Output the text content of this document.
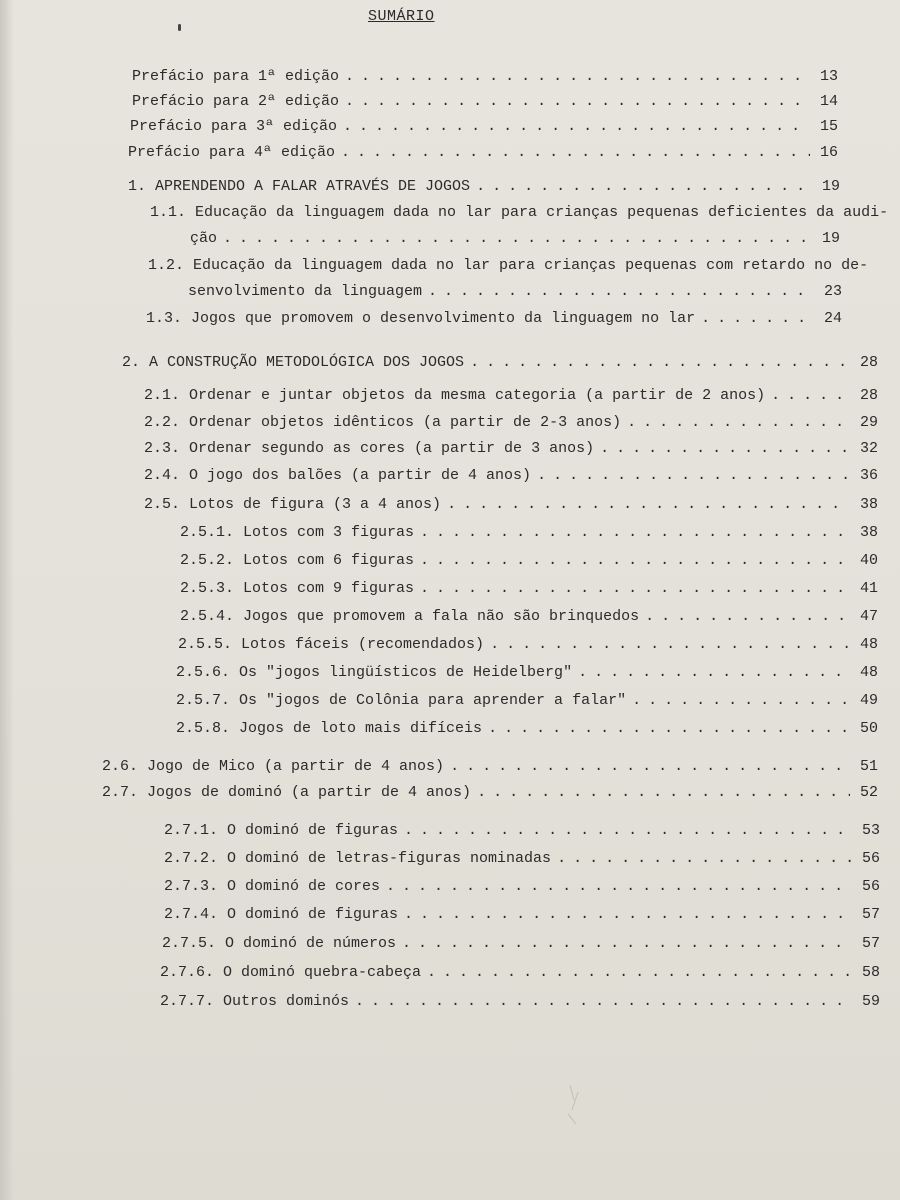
SUMÁRIO
Prefácio para 1ª edição . . .	13
Prefácio para 2ª edição . . .	14
Prefácio para 3ª edição . . .	15
Prefácio para 4ª edição . . .	16
1. APRENDENDO A FALAR ATRAVÉS DE JOGOS . . .	19
1.1. Educação da linguagem dada no lar para crianças pequenas deficientes da audi-
ção . . .	19
1.2. Educação da linguagem dada no lar para crianças pequenas com retardo no de-
senvolvimento da linguagem . . .	23
1.3. Jogos que promovem o desenvolvimento da linguagem no lar . . .	24
2. A CONSTRUÇÃO METODOLÓGICA DOS JOGOS . . .	28
2.1. Ordenar e juntar objetos da mesma categoria (a partir de 2 anos) . . .	28
2.2. Ordenar objetos idênticos (a partir de 2-3 anos) . . .	29
2.3. Ordenar segundo as cores (a partir de 3 anos) . . .	32
2.4. O jogo dos balões (a partir de 4 anos) . . .	36
2.5. Lotos de figura (3 a 4 anos) . . .	38
2.5.1. Lotos com 3 figuras . . .	38
2.5.2. Lotos com 6 figuras . . .	40
2.5.3. Lotos com 9 figuras . . .	41
2.5.4. Jogos que promovem a fala não são brinquedos . . .	47
2.5.5. Lotos fáceis (recomendados) . . .	48
2.5.6. Os "jogos lingüísticos de Heidelberg" . . .	48
2.5.7. Os "jogos de Colônia para aprender a falar" . . .	49
2.5.8. Jogos de loto mais difíceis . . .	50
2.6. Jogo de Mico (a partir de 4 anos) . . .	51
2.7. Jogos de dominó (a partir de 4 anos) . . .	52
2.7.1. O dominó de figuras . . .	53
2.7.2. O dominó de letras-figuras nominadas . . .	56
2.7.3. O dominó de cores . . .	56
2.7.4. O dominó de figuras . . .	57
2.7.5. O dominó de números . . .	57
2.7.6. O dominó quebra-cabeça . . .	58
2.7.7. Outros dominós . . .	59
